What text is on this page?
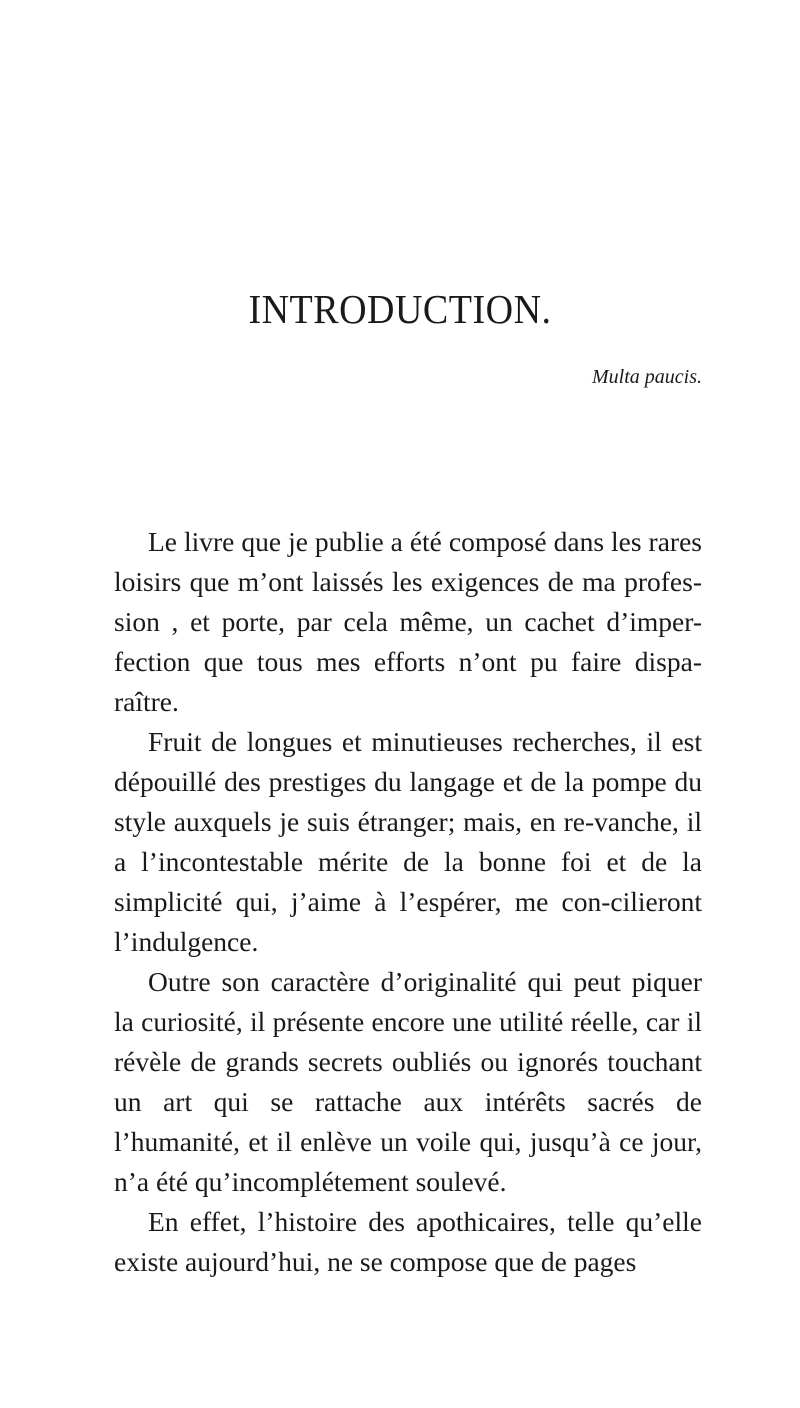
INTRODUCTION.

Multa paucis.

Le livre que je publie a été composé dans les rares loisirs que m’ont laissés les exigences de ma profes-sion , et porte, par cela même, un cachet d’imper-fection que tous mes efforts n’ont pu faire dispa-raître.

Fruit de longues et minutieuses recherches, il est dépouillé des prestiges du langage et de la pompe du style auxquels je suis étranger; mais, en re-vanche, il a l’incontestable mérite de la bonne foi et de la simplicité qui, j’aime à l’espérer, me con-cilieront l’indulgence.

Outre son caractère d’originalité qui peut piquer la curiosité, il présente encore une utilité réelle, car il révèle de grands secrets oubliés ou ignorés touchant un art qui se rattache aux intérêts sacrés de l’humanité, et il enlève un voile qui, jusqu’à ce jour, n’a été qu’incomplétement soulevé.

En effet, l’histoire des apothicaires, telle qu’elle existe aujourd’hui, ne se compose que de pages
